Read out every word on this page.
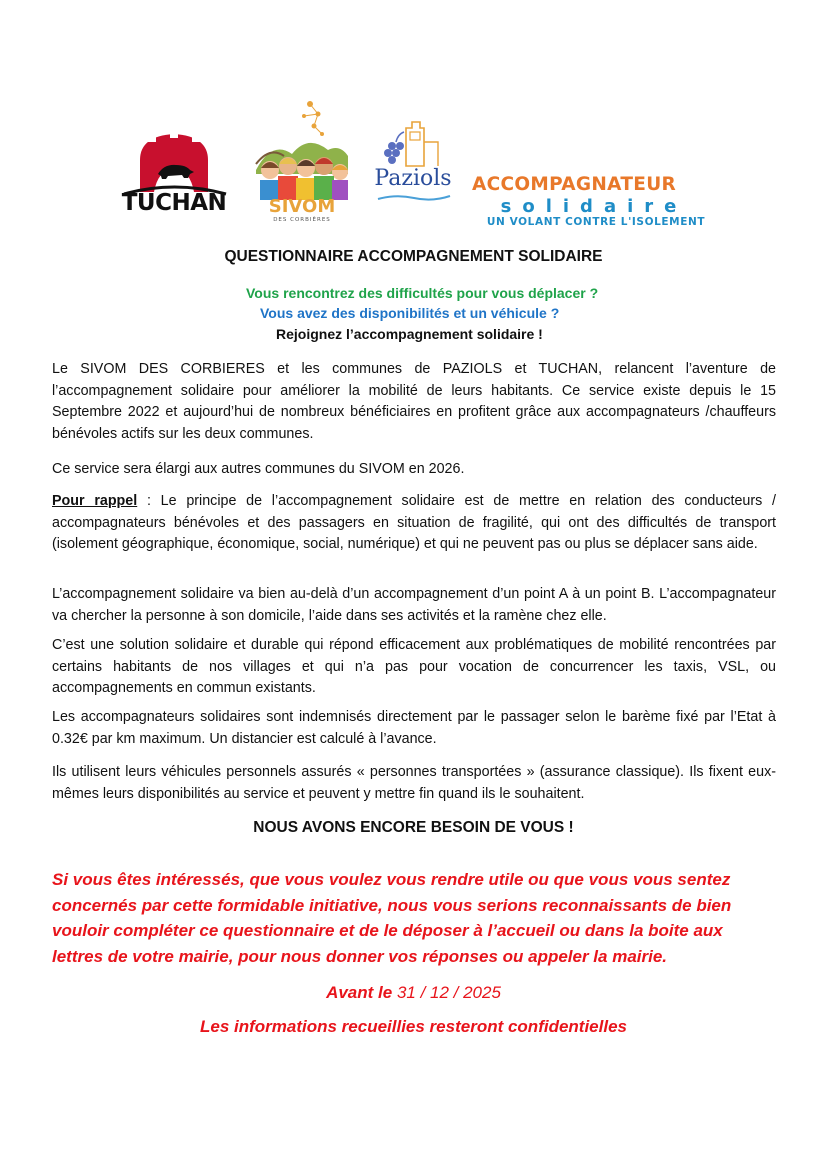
TUCHAN	SIVOM
DES CORBIÈRES
Paziols	ACCOMPAGNATEUR
solidaire
UN VOLANT CONTRE L'ISOLEMENT
QUESTIONNAIRE ACCOMPAGNEMENT SOLIDAIRE
Vous rencontrez des difficultés pour vous déplacer ?
Vous avez des disponibilités et un véhicule ?
Rejoignez l’accompagnement solidaire !

Le SIVOM DES CORBIERES et les communes de PAZIOLS et TUCHAN, relancent l’aventure de l’accompagnement solidaire pour améliorer la mobilité de leurs habitants. Ce service existe depuis le 15 Septembre 2022 et aujourd’hui de nombreux bénéficiaires en profitent grâce aux accompagnateurs /chauffeurs bénévoles actifs sur les deux communes.

Ce service sera élargi aux autres communes du SIVOM en 2026.

Pour rappel : Le principe de l’accompagnement solidaire est de mettre en relation des conducteurs / accompagnateurs bénévoles et des passagers en situation de fragilité, qui ont des difficultés de transport (isolement géographique, économique, social, numérique) et qui ne peuvent pas ou plus se déplacer sans aide.

L’accompagnement solidaire va bien au-delà d’un accompagnement d’un point A à un point B. L’accompagnateur va chercher la personne à son domicile, l’aide dans ses activités et la ramène chez elle.

C’est une solution solidaire et durable qui répond efficacement aux problématiques de mobilité rencontrées par certains habitants de nos villages et qui n’a pas pour vocation de concurrencer les taxis, VSL, ou accompagnements en commun existants.

Les accompagnateurs solidaires sont indemnisés directement par le passager selon le barème fixé par l’Etat à 0.32€ par km maximum. Un distancier est calculé à l’avance.

Ils utilisent leurs véhicules personnels assurés « personnes transportées » (assurance classique). Ils fixent eux-mêmes leurs disponibilités au service et peuvent y mettre fin quand ils le souhaitent.

NOUS AVONS ENCORE BESOIN DE VOUS !

Si vous êtes intéressés, que vous voulez vous rendre utile ou que vous vous sentez concernés par cette formidable initiative, nous vous serions reconnaissants de bien vouloir compléter ce questionnaire et de le déposer à l’accueil ou dans la boite aux lettres de votre mairie, pour nous donner vos réponses ou appeler la mairie.

Avant le 31 / 12 / 2025
Les informations recueillies resteront confidentielles
